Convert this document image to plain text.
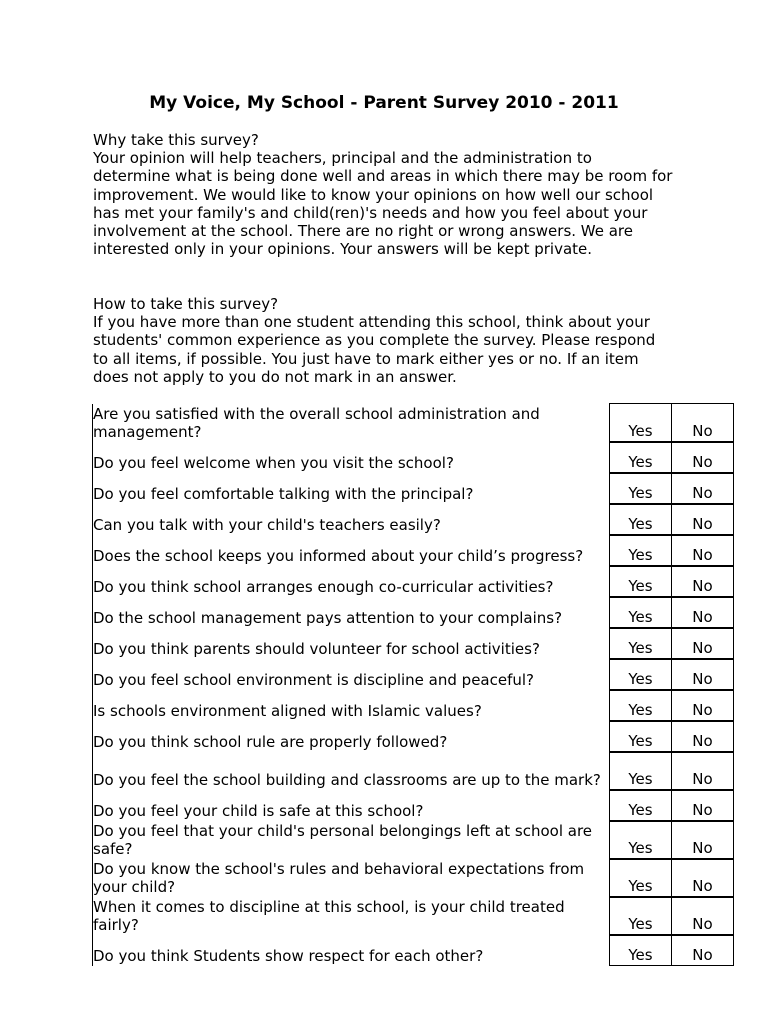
My Voice, My School - Parent Survey 2010 - 2011
Why take this survey?
Your opinion will help teachers, principal and the administration to determine what is being done well and areas in which there may be room for improvement. We would like to know your opinions on how well our school has met your family's and child(ren)'s needs and how you feel about your involvement at the school. There are no right or wrong answers. We are interested only in your opinions. Your answers will be kept private.
How to take this survey?
If you have more than one student attending this school, think about your students' common experience as you complete the survey. Please respond to all items, if possible. You just have to mark either yes or no. If an item does not apply to you do not mark in an answer.
Are you satisfied with the overall school administration and management?	Yes	No
Do you feel welcome when you visit the school?	Yes	No
Do you feel comfortable talking with the principal?	Yes	No
Can you talk with your child's teachers easily?	Yes	No
Does the school keeps you informed about your child’s progress?	Yes	No
Do you think school arranges enough co-curricular activities?	Yes	No
Do the school management pays attention to your complains?	Yes	No
Do you think parents should volunteer for school activities?	Yes	No
Do you feel school environment is discipline and peaceful?	Yes	No
Is schools environment aligned with Islamic values?	Yes	No
Do you think school rule are properly followed?	Yes	No
Do you feel the school building and classrooms are up to the mark?	Yes	No
Do you feel your child is safe at this school?	Yes	No
Do you feel that your child's personal belongings left at school are safe?	Yes	No
Do you know the school's rules and behavioral expectations from your child?	Yes	No
When it comes to discipline at this school, is your child treated fairly?	Yes	No
Do you think Students show respect for each other?	Yes	No
